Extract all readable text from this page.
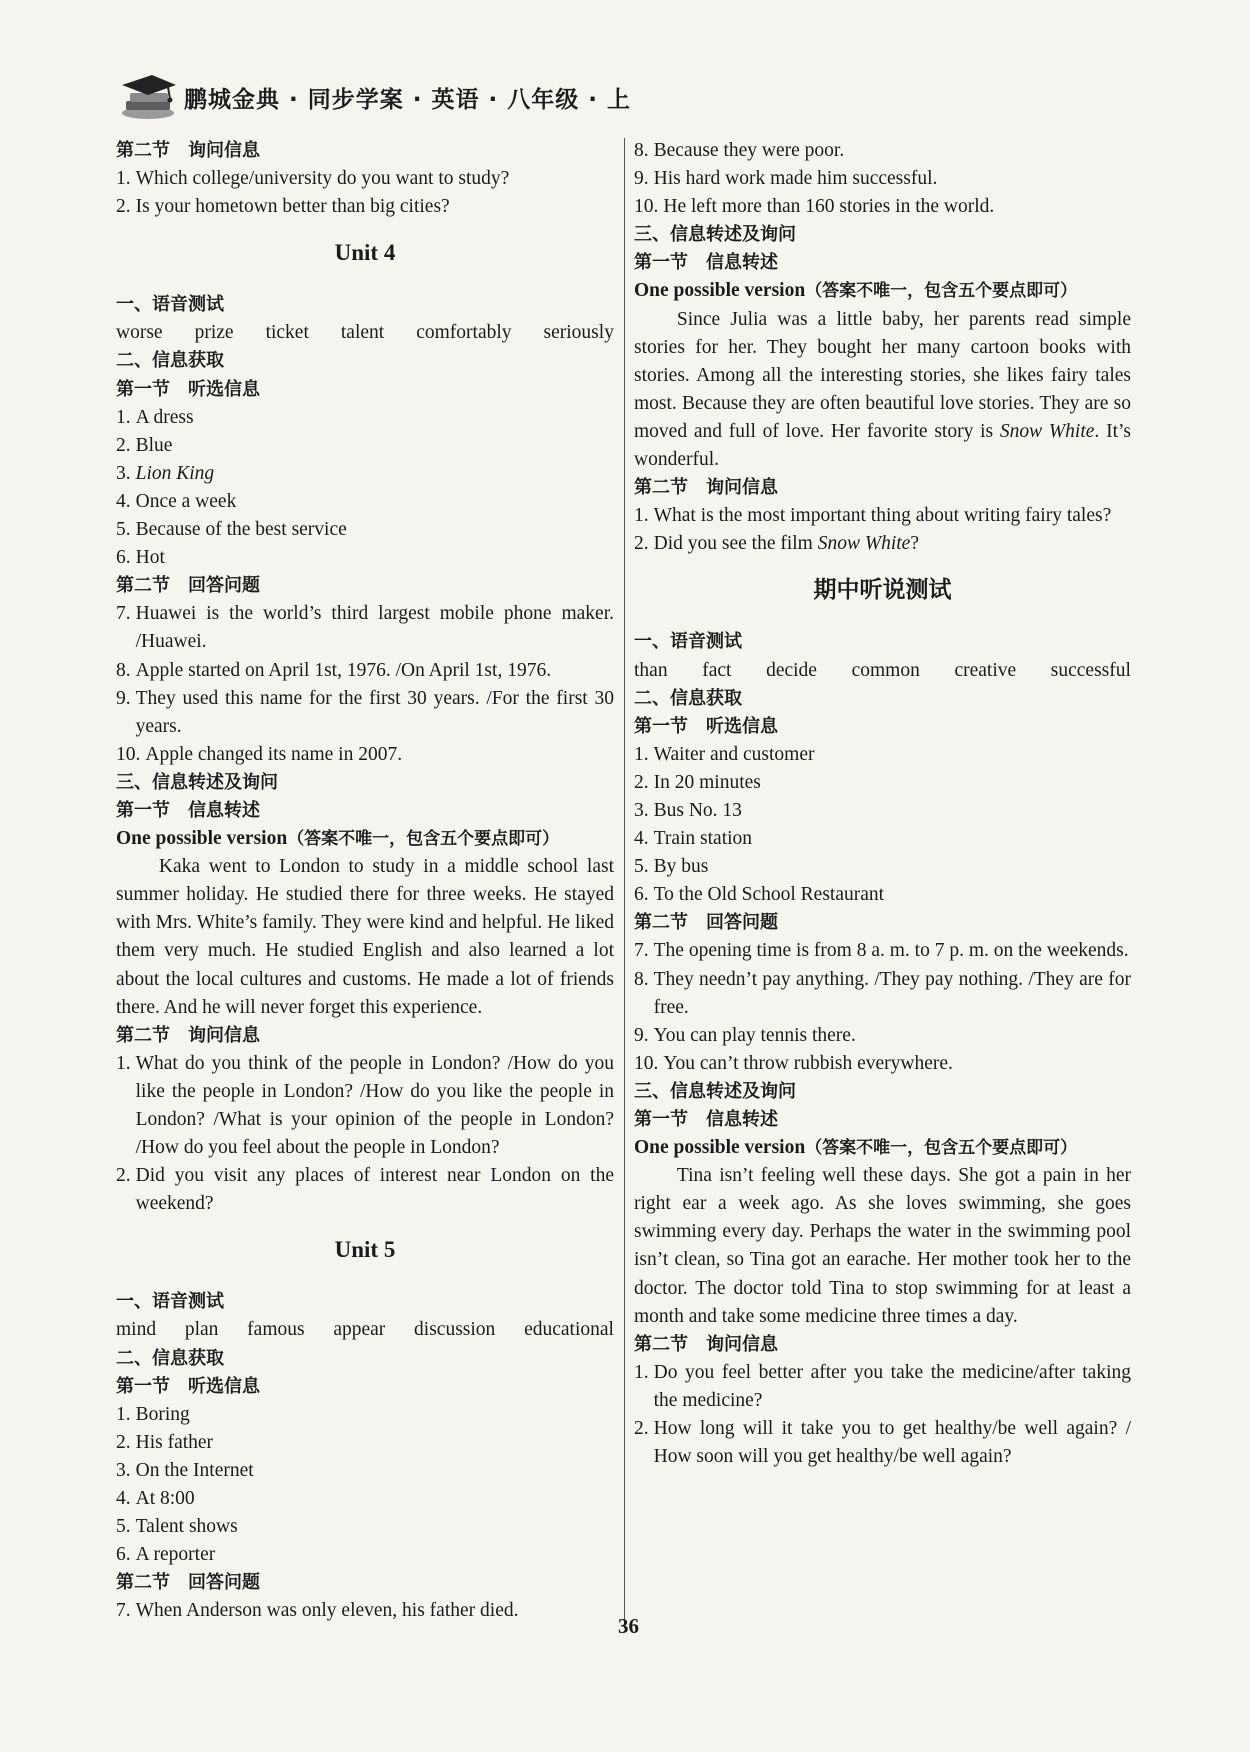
鹏城金典 · 同步学案 · 英语 · 八年级 · 上
第二节　询问信息
1. Which college/university do you want to study?
2. Is your hometown better than big cities?
Unit 4
一、语音测试
worse prize ticket talent comfortably seriously
二、信息获取
第一节　听选信息
1. A dress
2. Blue
3. Lion King
4. Once a week
5. Because of the best service
6. Hot
第二节　回答问题
7. Huawei is the world’s third largest mobile phone maker. /Huawei.
8. Apple started on April 1st, 1976. /On April 1st, 1976.
9. They used this name for the first 30 years. /For the first 30 years.
10. Apple changed its name in 2007.
三、信息转述及询问
第一节　信息转述
One possible version（答案不唯一，包含五个要点即可）
Kaka went to London to study in a middle school last summer holiday. He studied there for three weeks. He stayed with Mrs. White’s family. They were kind and helpful. He liked them very much. He studied English and also learned a lot about the local cultures and customs. He made a lot of friends there. And he will never forget this experience.
第二节　询问信息
1. What do you think of the people in London? /How do you like the people in London? /How do you like the people in London? /What is your opinion of the people in London? /How do you feel about the people in London?
2. Did you visit any places of interest near London on the weekend?
Unit 5
一、语音测试
mind plan famous appear discussion educational
二、信息获取
第一节　听选信息
1. Boring
2. His father
3. On the Internet
4. At 8:00
5. Talent shows
6. A reporter
第二节　回答问题
7. When Anderson was only eleven, his father died.
8. Because they were poor.
9. His hard work made him successful.
10. He left more than 160 stories in the world.
三、信息转述及询问
第一节　信息转述
One possible version（答案不唯一，包含五个要点即可）
Since Julia was a little baby, her parents read simple stories for her. They bought her many cartoon books with stories. Among all the interesting stories, she likes fairy tales most. Because they are often beautiful love stories. They are so moved and full of love. Her favorite story is Snow White. It’s wonderful.
第二节　询问信息
1. What is the most important thing about writing fairy tales?
2. Did you see the film Snow White?
期中听说测试
一、语音测试
than fact decide common creative successful
二、信息获取
第一节　听选信息
1. Waiter and customer
2. In 20 minutes
3. Bus No. 13
4. Train station
5. By bus
6. To the Old School Restaurant
第二节　回答问题
7. The opening time is from 8 a. m. to 7 p. m. on the weekends.
8. They needn’t pay anything. /They pay nothing. /They are for free.
9. You can play tennis there.
10. You can’t throw rubbish everywhere.
三、信息转述及询问
第一节　信息转述
One possible version（答案不唯一，包含五个要点即可）
Tina isn’t feeling well these days. She got a pain in her right ear a week ago. As she loves swimming, she goes swimming every day. Perhaps the water in the swimming pool isn’t clean, so Tina got an earache. Her mother took her to the doctor. The doctor told Tina to stop swimming for at least a month and take some medicine three times a day.
第二节　询问信息
1. Do you feel better after you take the medicine/after taking the medicine?
2. How long will it take you to get healthy/be well again? / How soon will you get healthy/be well again?
36
